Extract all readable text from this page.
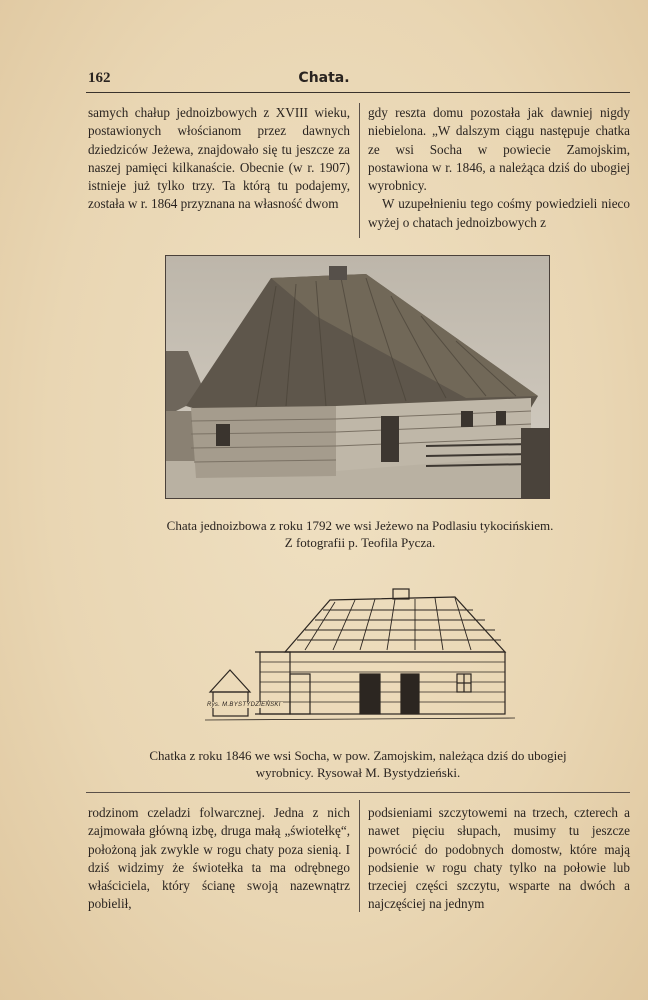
162	Chata.

samych chałup jednoizbowych z XVIII wieku, postawionych włościanom przez dawnych dziedziców Jeżewa, znajdowało się tu jeszcze za naszej pamięci kilkanaście. Obecnie (w r. 1907) istnieje już tylko trzy. Ta którą tu podajemy, została w r. 1864 przyznana na własność dwom

gdy reszta domu pozostała jak dawniej nigdy niebielona. „W dalszym ciągu następuje chatka ze wsi Socha w powiecie Zamojskim, postawiona w r. 1846, a należąca dziś do ubogiej wyrobnicy.

W uzupełnieniu tego cośmy powiedzieli nieco wyżej o chatach jednoizbowych z

Chata jednoizbowa z roku 1792 we wsi Jeżewo na Podlasiu tykocińskiem.
Z fotografii p. Teofila Pycza.
Rys. M.BYSTYDZIEŃSKI
Chatka z roku 1846 we wsi Socha, w pow. Zamojskim, należąca dziś do ubogiej
wyrobnicy. Rysował M. Bystydzieński.

rodzinom czeladzi folwarcznej. Jedna z nich zajmowała główną izbę, druga małą „świotełkę“, położoną jak zwykle w rogu chaty poza sienią. I dziś widzimy że świotełka ta ma odrębnego właściciela, który ścianę swoją nazewnątrz pobielił,

podsieniami szczytowemi na trzech, czterech a nawet pięciu słupach, musimy tu jeszcze powrócić do podobnych domostw, które mają podsienie w rogu chaty tylko na połowie lub trzeciej części szczytu, wsparte na dwóch a najczęściej na jednym
